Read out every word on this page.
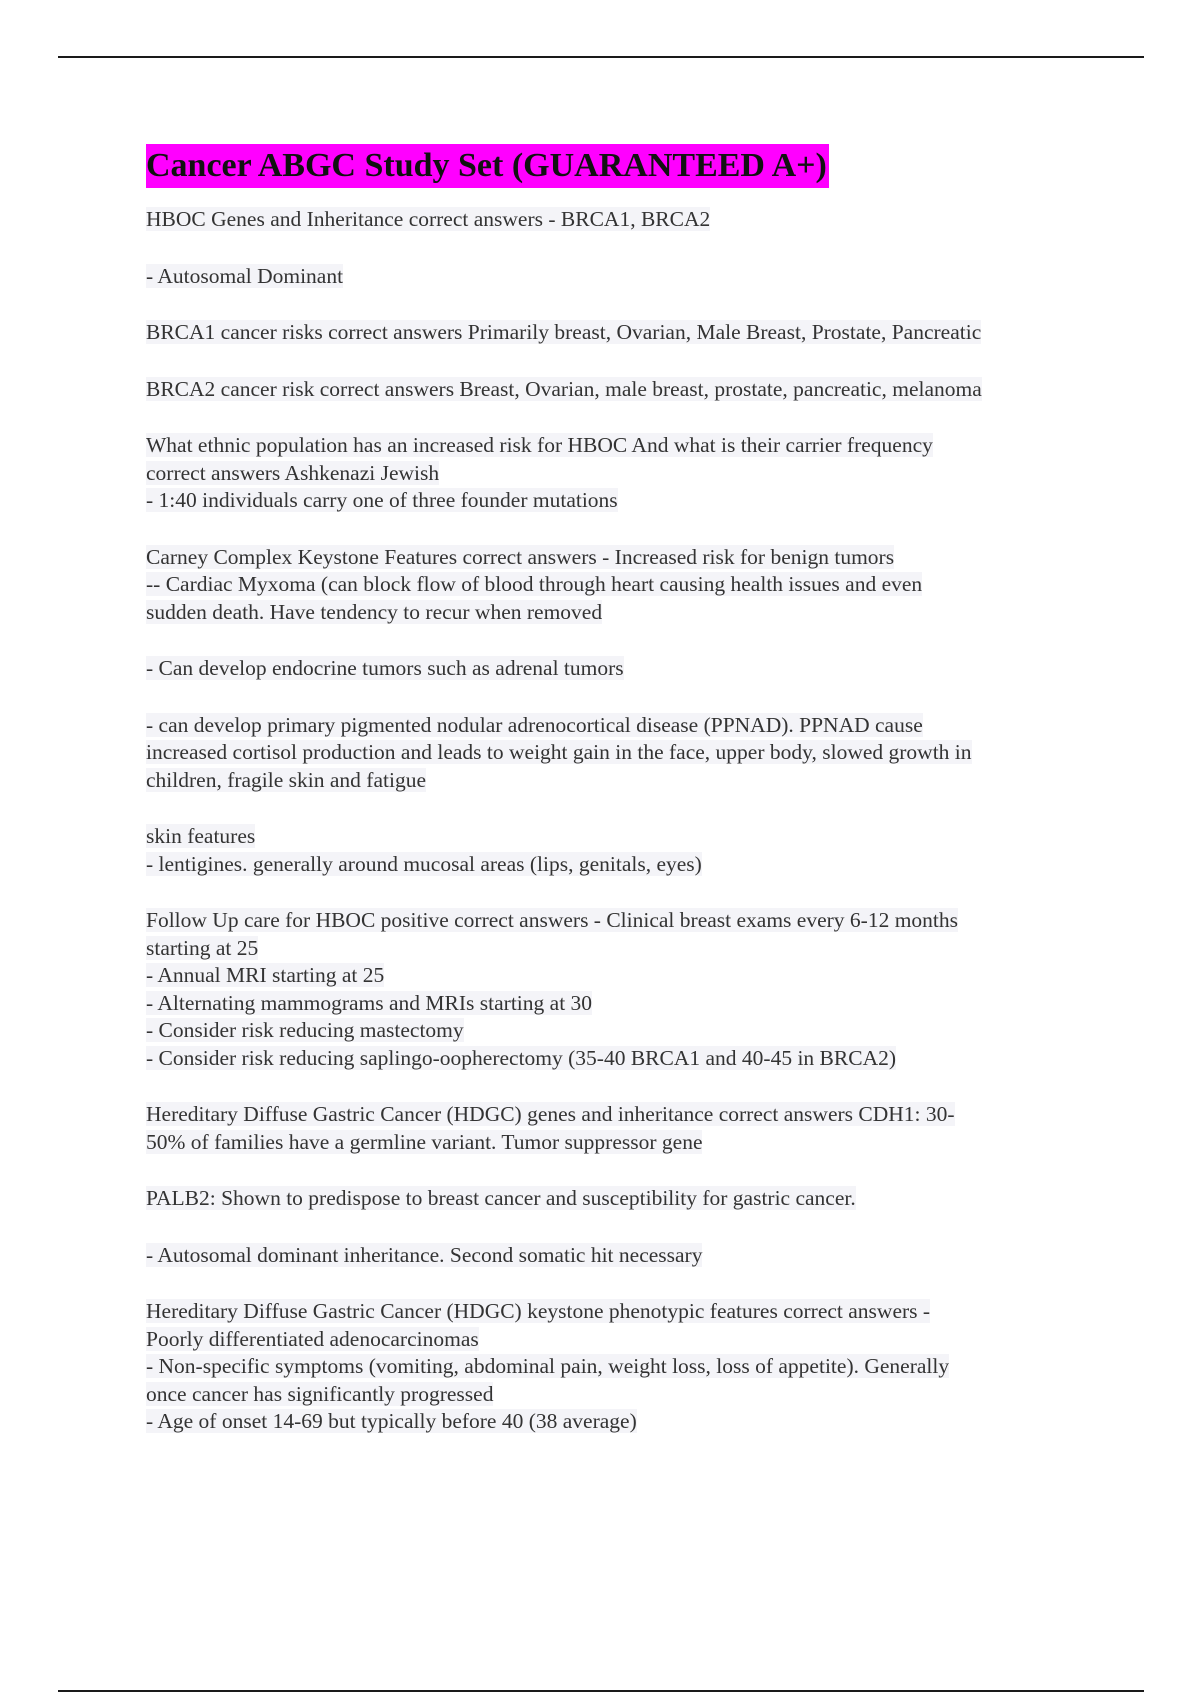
Cancer ABGC Study Set (GUARANTEED A+)
HBOC Genes and Inheritance correct answers - BRCA1, BRCA2
- Autosomal Dominant
BRCA1 cancer risks correct answers Primarily breast, Ovarian, Male Breast, Prostate, Pancreatic
BRCA2 cancer risk correct answers Breast, Ovarian, male breast, prostate, pancreatic, melanoma
What ethnic population has an increased risk for HBOC And what is their carrier frequency
correct answers Ashkenazi Jewish
- 1:40 individuals carry one of three founder mutations
Carney Complex Keystone Features correct answers - Increased risk for benign tumors
-- Cardiac Myxoma (can block flow of blood through heart causing health issues and even
sudden death. Have tendency to recur when removed
- Can develop endocrine tumors such as adrenal tumors
- can develop primary pigmented nodular adrenocortical disease (PPNAD). PPNAD cause
increased cortisol production and leads to weight gain in the face, upper body, slowed growth in
children, fragile skin and fatigue
skin features
- lentigines. generally around mucosal areas (lips, genitals, eyes)
Follow Up care for HBOC positive correct answers - Clinical breast exams every 6-12 months
starting at 25
- Annual MRI starting at 25
- Alternating mammograms and MRIs starting at 30
- Consider risk reducing mastectomy
- Consider risk reducing saplingo-oopherectomy (35-40 BRCA1 and 40-45 in BRCA2)
Hereditary Diffuse Gastric Cancer (HDGC) genes and inheritance correct answers CDH1: 30-
50% of families have a germline variant. Tumor suppressor gene
PALB2: Shown to predispose to breast cancer and susceptibility for gastric cancer.
- Autosomal dominant inheritance. Second somatic hit necessary
Hereditary Diffuse Gastric Cancer (HDGC) keystone phenotypic features correct answers -
Poorly differentiated adenocarcinomas
- Non-specific symptoms (vomiting, abdominal pain, weight loss, loss of appetite). Generally
once cancer has significantly progressed
- Age of onset 14-69 but typically before 40 (38 average)
